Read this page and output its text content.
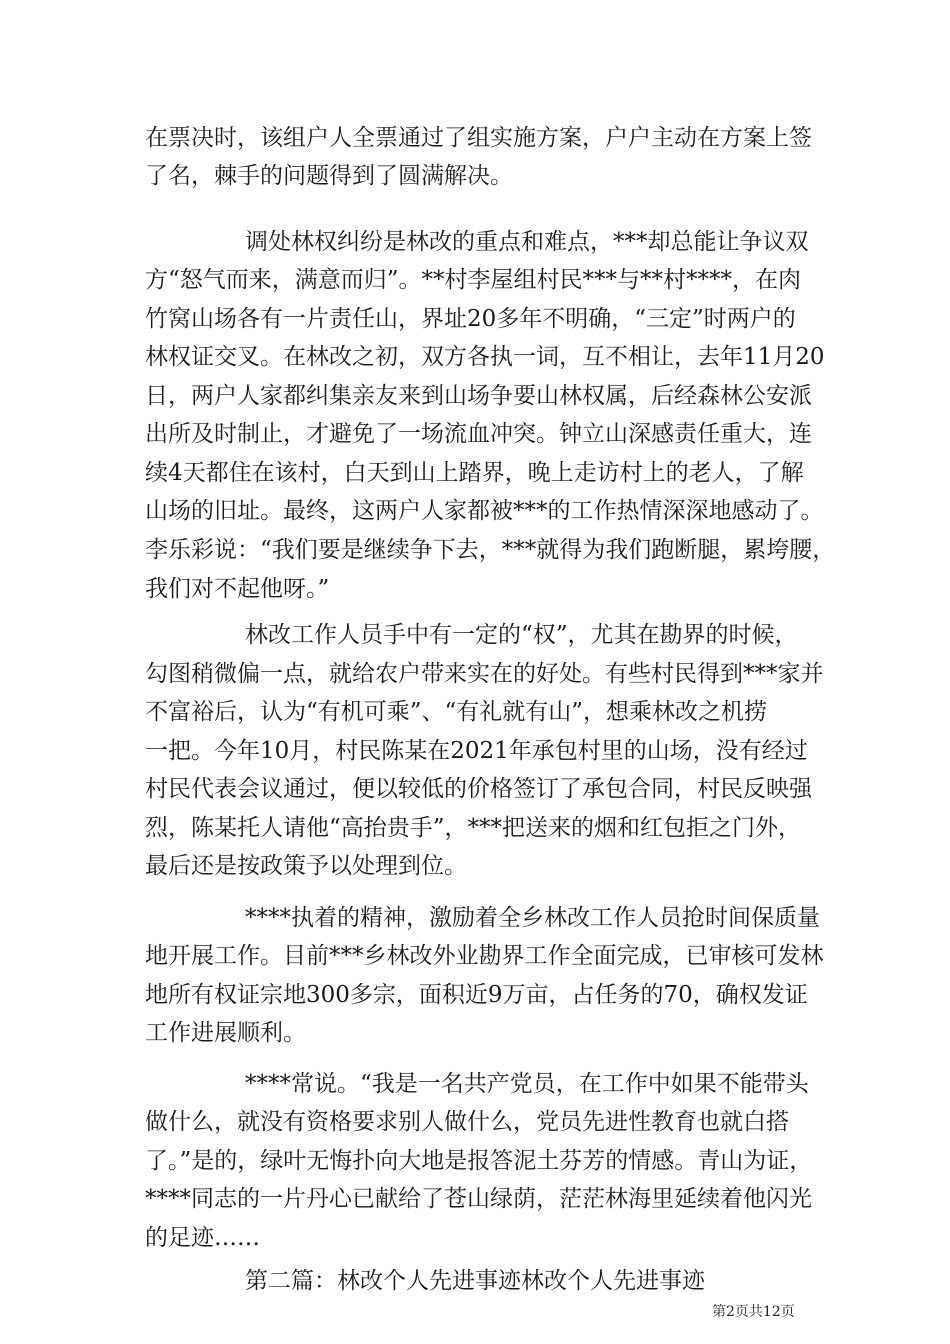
在票决时，该组户人全票通过了组实施方案，户户主动在方案上签
了名，棘手的问题得到了圆满解决。
调处林权纠纷是林改的重点和难点，***却总能让争议双
方“怒气而来，满意而归”。**村李屋组村民***与**村****，在肉
竹窝山场各有一片责任山，界址20多年不明确，“三定”时两户的
林权证交叉。在林改之初，双方各执一词，互不相让，去年11月20
日，两户人家都纠集亲友来到山场争要山林权属，后经森林公安派
出所及时制止，才避免了一场流血冲突。钟立山深感责任重大，连
续4天都住在该村，白天到山上踏界，晚上走访村上的老人，了解
山场的旧址。最终，这两户人家都被***的工作热情深深地感动了。
李乐彩说：“我们要是继续争下去，***就得为我们跑断腿，累垮腰，
我们对不起他呀。”
林改工作人员手中有一定的“权”，尤其在勘界的时候，
勾图稍微偏一点，就给农户带来实在的好处。有些村民得到***家并
不富裕后，认为“有机可乘”、“有礼就有山”，想乘林改之机捞
一把。今年10月，村民陈某在2021年承包村里的山场，没有经过
村民代表会议通过，便以较低的价格签订了承包合同，村民反映强
烈，陈某托人请他“高抬贵手”，***把送来的烟和红包拒之门外，
最后还是按政策予以处理到位。
****执着的精神，激励着全乡林改工作人员抢时间保质量
地开展工作。目前***乡林改外业勘界工作全面完成，已审核可发林
地所有权证宗地300多宗，面积近9万亩，占任务的70，确权发证
工作进展顺利。
****常说。“我是一名共产党员，在工作中如果不能带头
做什么，就没有资格要求别人做什么，党员先进性教育也就白搭
了。”是的，绿叶无悔扑向大地是报答泥土芬芳的情感。青山为证，
****同志的一片丹心已献给了苍山绿荫，茫茫林海里延续着他闪光
的足迹……
第二篇：林改个人先进事迹林改个人先进事迹
第2页共12页
